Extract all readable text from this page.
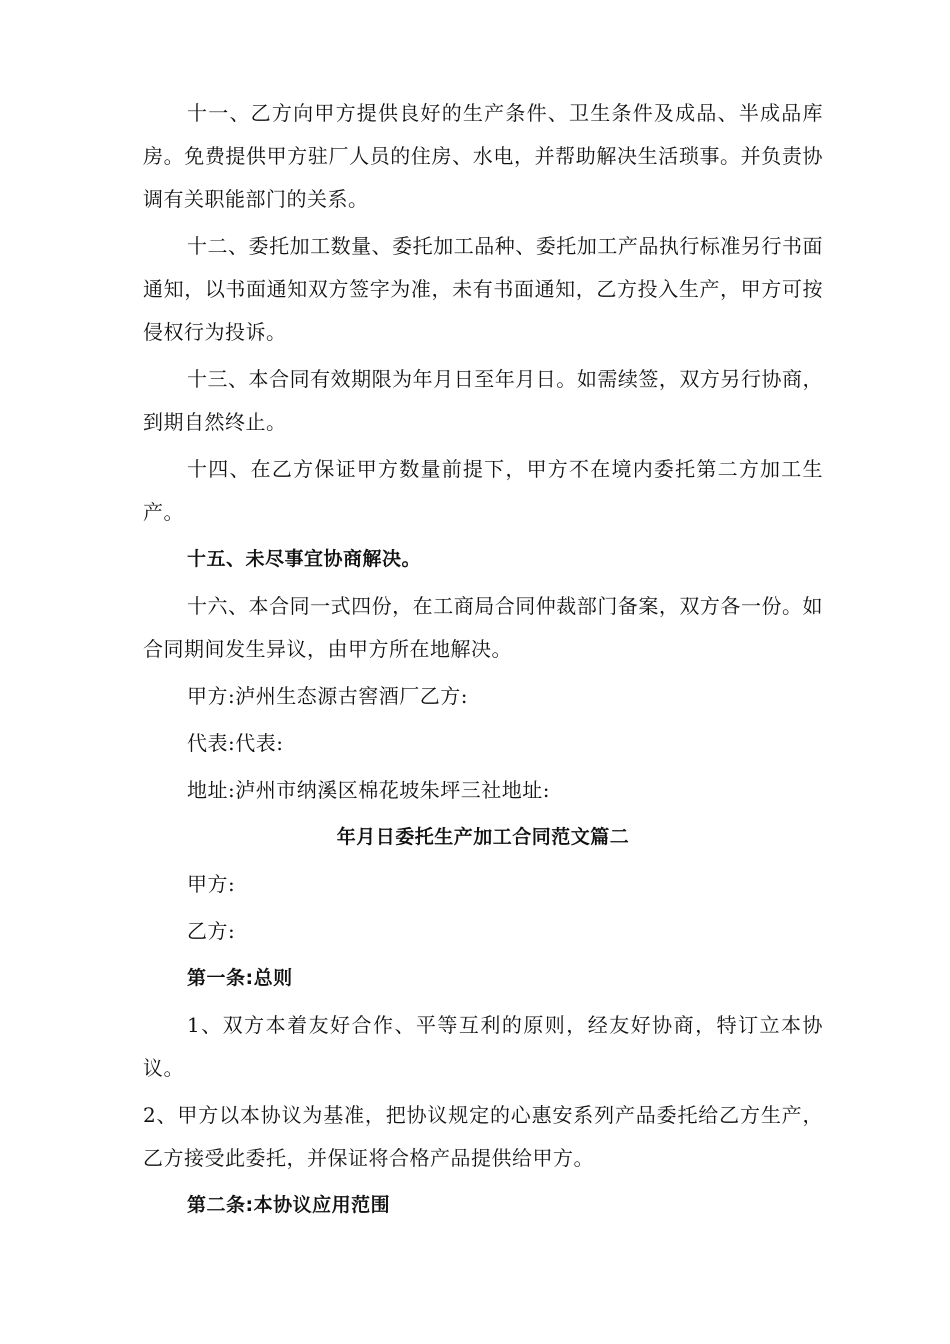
十一、乙方向甲方提供良好的生产条件、卫生条件及成品、半成品库房。免费提供甲方驻厂人员的住房、水电，并帮助解决生活琐事。并负责协调有关职能部门的关系。

十二、委托加工数量、委托加工品种、委托加工产品执行标准另行书面通知，以书面通知双方签字为准，未有书面通知，乙方投入生产，甲方可按侵权行为投诉。

十三、本合同有效期限为年月日至年月日。如需续签，双方另行协商，到期自然终止。

十四、在乙方保证甲方数量前提下，甲方不在境内委托第二方加工生产。

十五、未尽事宜协商解决。

十六、本合同一式四份，在工商局合同仲裁部门备案，双方各一份。如合同期间发生异议，由甲方所在地解决。

甲方:泸州生态源古窖酒厂乙方:

代表:代表:

地址:泸州市纳溪区棉花坡朱坪三社地址:

年月日委托生产加工合同范文篇二

甲方:

乙方:

第一条:总则

1、双方本着友好合作、平等互利的原则，经友好协商，特订立本协议。

2、甲方以本协议为基准，把协议规定的心惠安系列产品委托给乙方生产，乙方接受此委托，并保证将合格产品提供给甲方。

第二条:本协议应用范围
